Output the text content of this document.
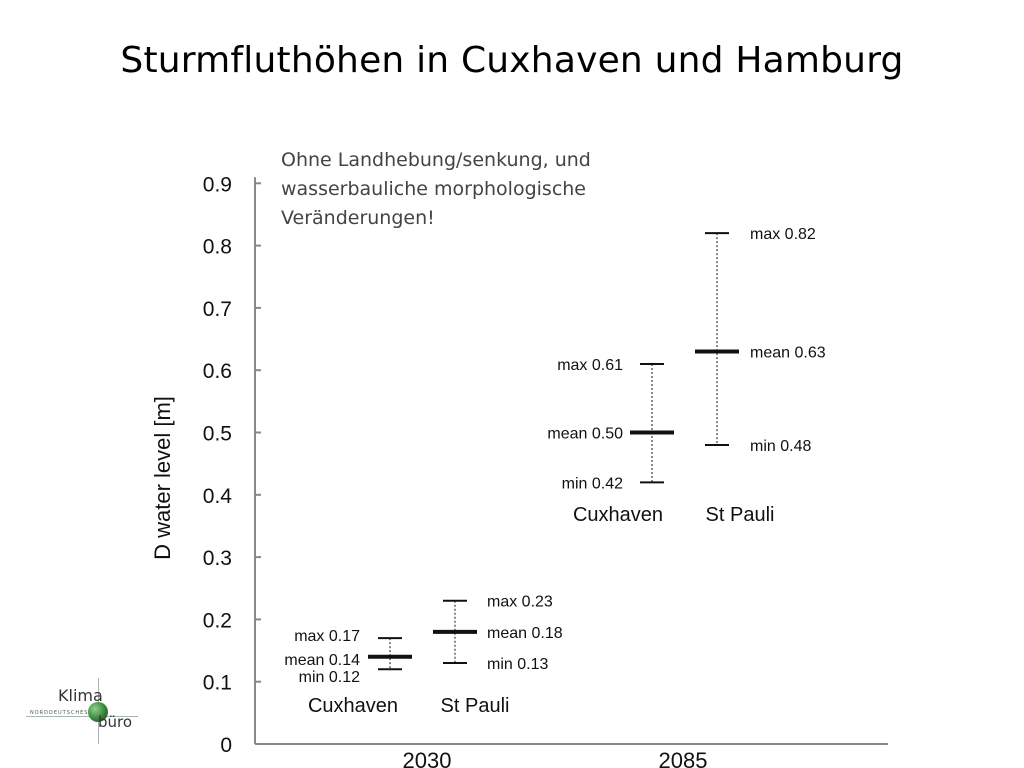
Sturmfluthöhen in Cuxhaven und Hamburg
0
0.1
0.2
0.3
0.4
0.5
0.6
0.7
0.8
0.9
D water level [m]
2030
max 0.17
mean 0.14
min 0.12
Cuxhaven
max 0.23
mean 0.18
min 0.13
St Pauli
2085
max 0.61
mean 0.50
min 0.42
Cuxhaven
max 0.82
mean 0.63
min 0.48
St Pauli
Ohne Landhebung/senkung, und
wasserbauliche morphologische
Veränderungen!
Klima
NORDDEUTSCHES büro
